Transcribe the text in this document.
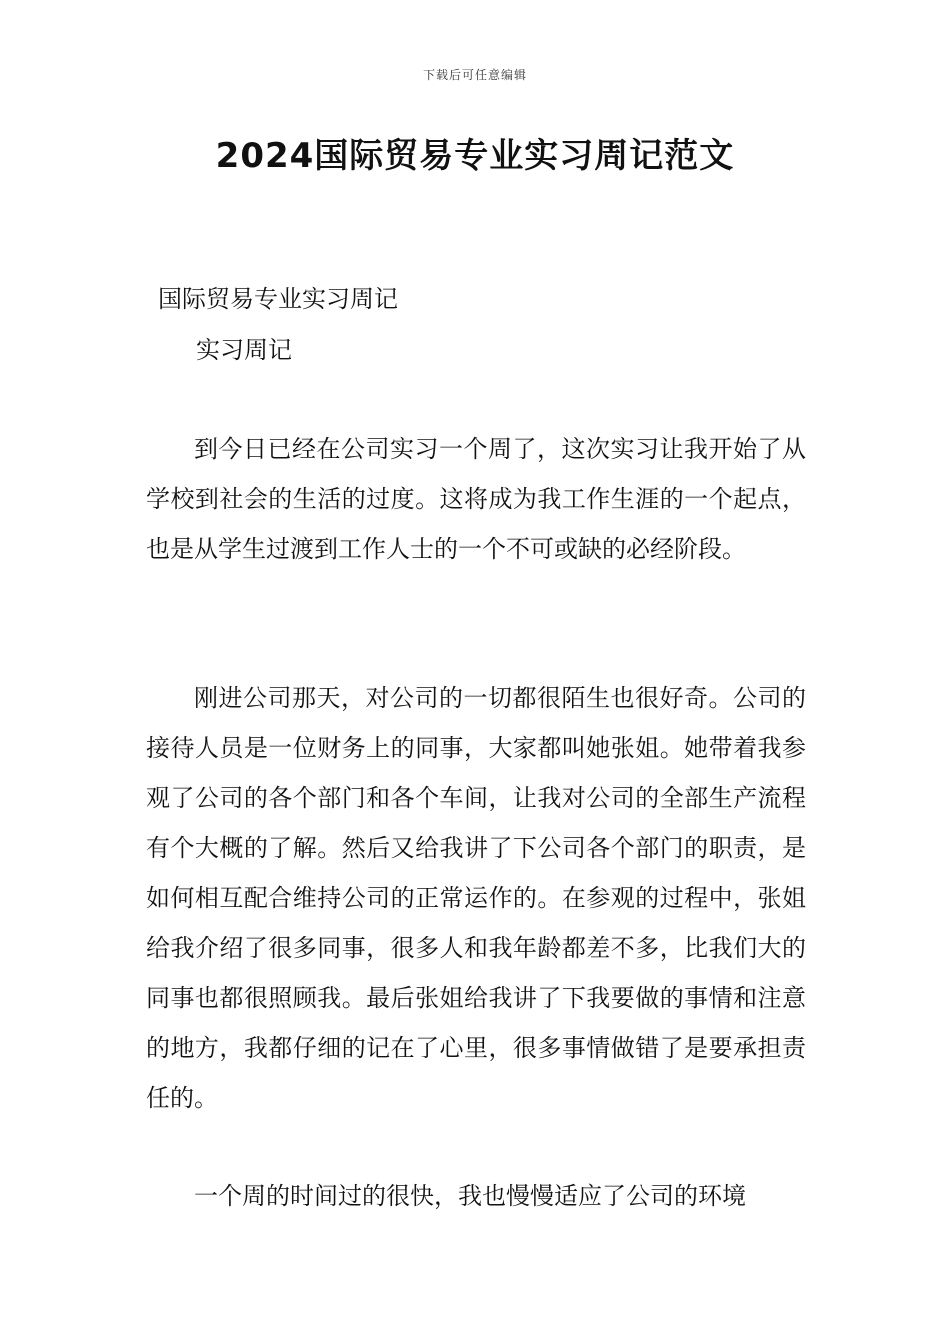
下载后可任意编辑
2024国际贸易专业实习周记范文
国际贸易专业实习周记
实习周记

到今日已经在公司实习一个周了，这次实习让我开始了从学校到社会的生活的过度。这将成为我工作生涯的一个起点，也是从学生过渡到工作人士的一个不可或缺的必经阶段。

刚进公司那天，对公司的一切都很陌生也很好奇。公司的接待人员是一位财务上的同事，大家都叫她张姐。她带着我参观了公司的各个部门和各个车间，让我对公司的全部生产流程有个大概的了解。然后又给我讲了下公司各个部门的职责，是如何相互配合维持公司的正常运作的。在参观的过程中，张姐给我介绍了很多同事，很多人和我年龄都差不多，比我们大的同事也都很照顾我。最后张姐给我讲了下我要做的事情和注意的地方，我都仔细的记在了心里，很多事情做错了是要承担责任的。

一个周的时间过的很快，我也慢慢适应了公司的环境
